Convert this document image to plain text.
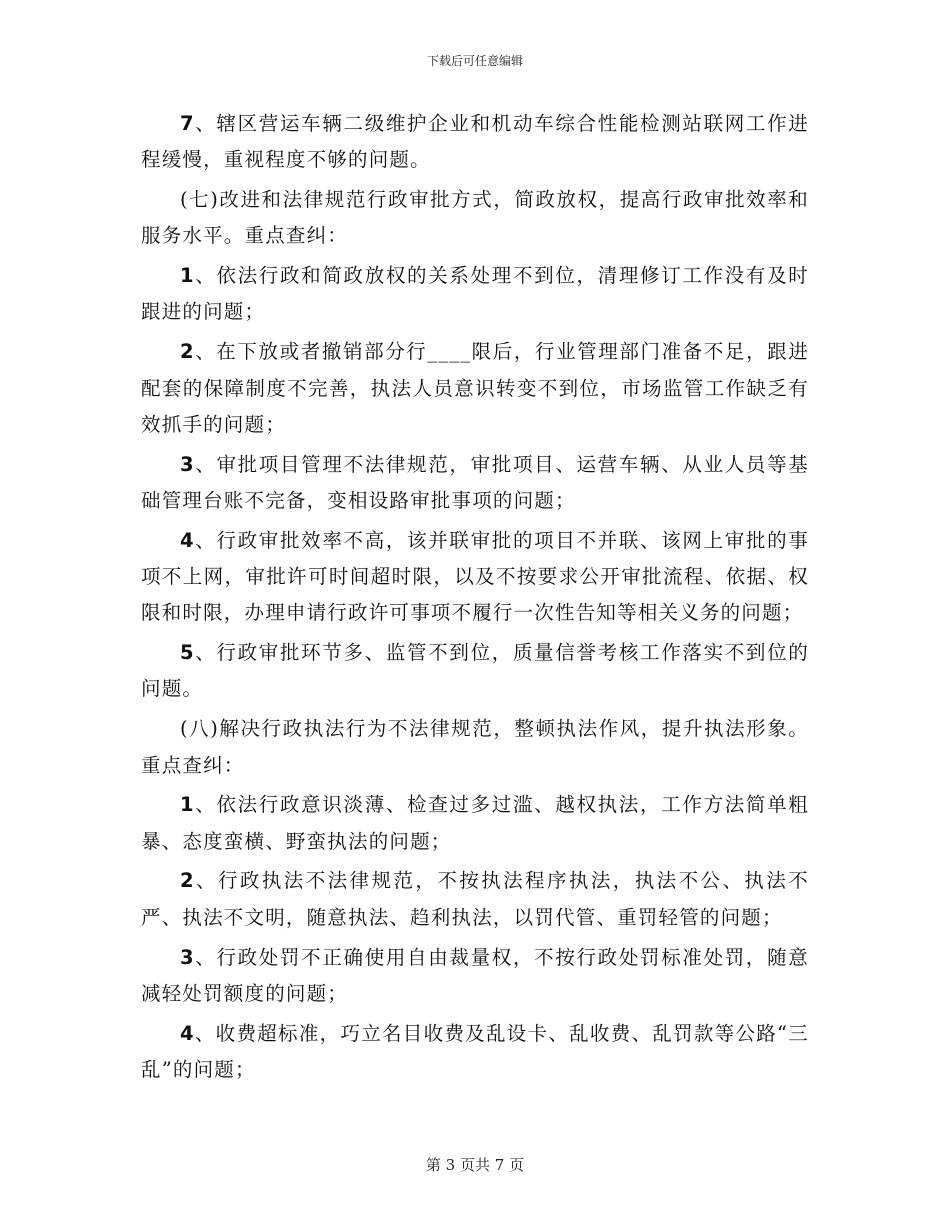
下载后可任意编辑

7、辖区营运车辆二级维护企业和机动车综合性能检测站联网工作进程缓慢，重视程度不够的问题。

(七)改进和法律规范行政审批方式，简政放权，提高行政审批效率和服务水平。重点查纠：

1、依法行政和简政放权的关系处理不到位，清理修订工作没有及时跟进的问题；

2、在下放或者撤销部分行____限后，行业管理部门准备不足，跟进配套的保障制度不完善，执法人员意识转变不到位，市场监管工作缺乏有效抓手的问题；

3、审批项目管理不法律规范，审批项目、运营车辆、从业人员等基础管理台账不完备，变相设路审批事项的问题；

4、行政审批效率不高，该并联审批的项目不并联、该网上审批的事项不上网，审批许可时间超时限，以及不按要求公开审批流程、依据、权限和时限，办理申请行政许可事项不履行一次性告知等相关义务的问题；

5、行政审批环节多、监管不到位，质量信誉考核工作落实不到位的问题。

(八)解决行政执法行为不法律规范，整顿执法作风，提升执法形象。重点查纠：

1、依法行政意识淡薄、检查过多过滥、越权执法，工作方法简单粗暴、态度蛮横、野蛮执法的问题；

2、行政执法不法律规范，不按执法程序执法，执法不公、执法不严、执法不文明，随意执法、趋利执法，以罚代管、重罚轻管的问题；

3、行政处罚不正确使用自由裁量权，不按行政处罚标准处罚，随意减轻处罚额度的问题；

4、收费超标准，巧立名目收费及乱设卡、乱收费、乱罚款等公路“三乱”的问题；

第 3 页共 7 页
